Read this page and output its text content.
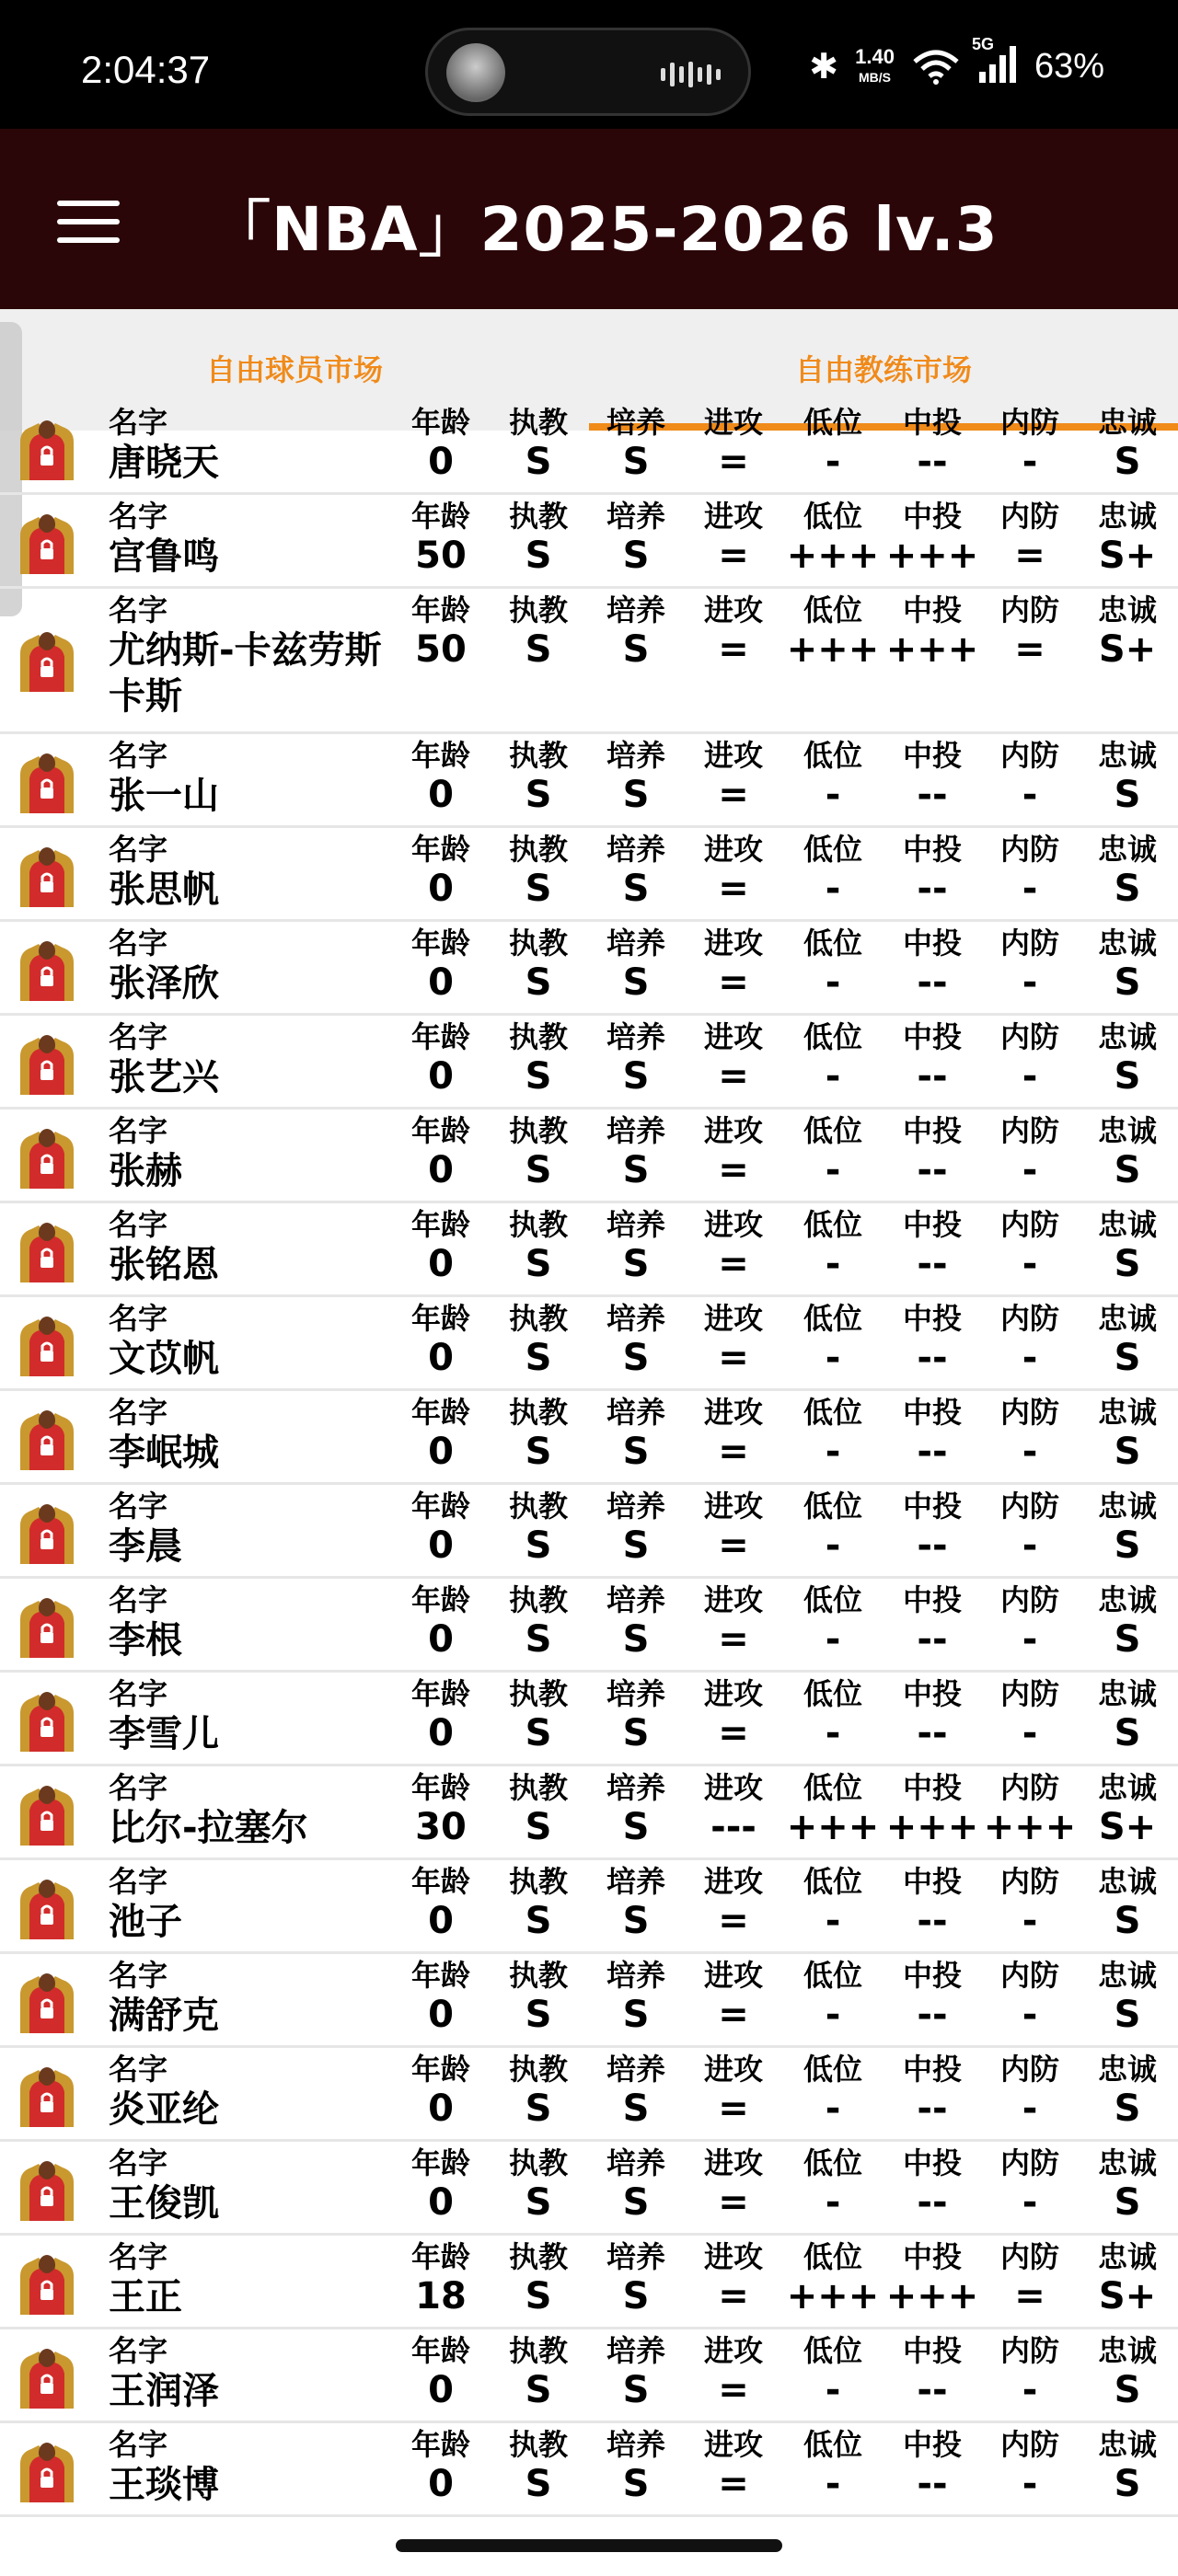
2:04:37	✱ 1.40
MB/S
5G
63%
「NBA」2025-2026 lv.3
自由球员市场	自由教练市场
名字
唐晓天
年龄
0
执教
S
培养
S
进攻
=
低位
-
中投
--
内防
-
忠诚
S
名字
宫鲁鸣
年龄
50
执教
S
培养
S
进攻
=
低位
+++
中投
+++
内防
=
忠诚
S+
名字
尤纳斯-卡兹劳斯卡斯
年龄
50
执教
S
培养
S
进攻
=
低位
+++
中投
+++
内防
=
忠诚
S+
名字
张一山
年龄
0
执教
S
培养
S
进攻
=
低位
-
中投
--
内防
-
忠诚
S
名字
张思帆
年龄
0
执教
S
培养
S
进攻
=
低位
-
中投
--
内防
-
忠诚
S
名字
张泽欣
年龄
0
执教
S
培养
S
进攻
=
低位
-
中投
--
内防
-
忠诚
S
名字
张艺兴
年龄
0
执教
S
培养
S
进攻
=
低位
-
中投
--
内防
-
忠诚
S
名字
张赫
年龄
0
执教
S
培养
S
进攻
=
低位
-
中投
--
内防
-
忠诚
S
名字
张铭恩
年龄
0
执教
S
培养
S
进攻
=
低位
-
中投
--
内防
-
忠诚
S
名字
文苡帆
年龄
0
执教
S
培养
S
进攻
=
低位
-
中投
--
内防
-
忠诚
S
名字
李岷城
年龄
0
执教
S
培养
S
进攻
=
低位
-
中投
--
内防
-
忠诚
S
名字
李晨
年龄
0
执教
S
培养
S
进攻
=
低位
-
中投
--
内防
-
忠诚
S
名字
李根
年龄
0
执教
S
培养
S
进攻
=
低位
-
中投
--
内防
-
忠诚
S
名字
李雪儿
年龄
0
执教
S
培养
S
进攻
=
低位
-
中投
--
内防
-
忠诚
S
名字
比尔-拉塞尔
年龄
30
执教
S
培养
S
进攻
---
低位
+++
中投
+++
内防
+++
忠诚
S+
名字
池子
年龄
0
执教
S
培养
S
进攻
=
低位
-
中投
--
内防
-
忠诚
S
名字
满舒克
年龄
0
执教
S
培养
S
进攻
=
低位
-
中投
--
内防
-
忠诚
S
名字
炎亚纶
年龄
0
执教
S
培养
S
进攻
=
低位
-
中投
--
内防
-
忠诚
S
名字
王俊凯
年龄
0
执教
S
培养
S
进攻
=
低位
-
中投
--
内防
-
忠诚
S
名字
王正
年龄
18
执教
S
培养
S
进攻
=
低位
+++
中投
+++
内防
=
忠诚
S+
名字
王润泽
年龄
0
执教
S
培养
S
进攻
=
低位
-
中投
--
内防
-
忠诚
S
名字
王琰博
年龄
0
执教
S
培养
S
进攻
=
低位
-
中投
--
内防
-
忠诚
S
